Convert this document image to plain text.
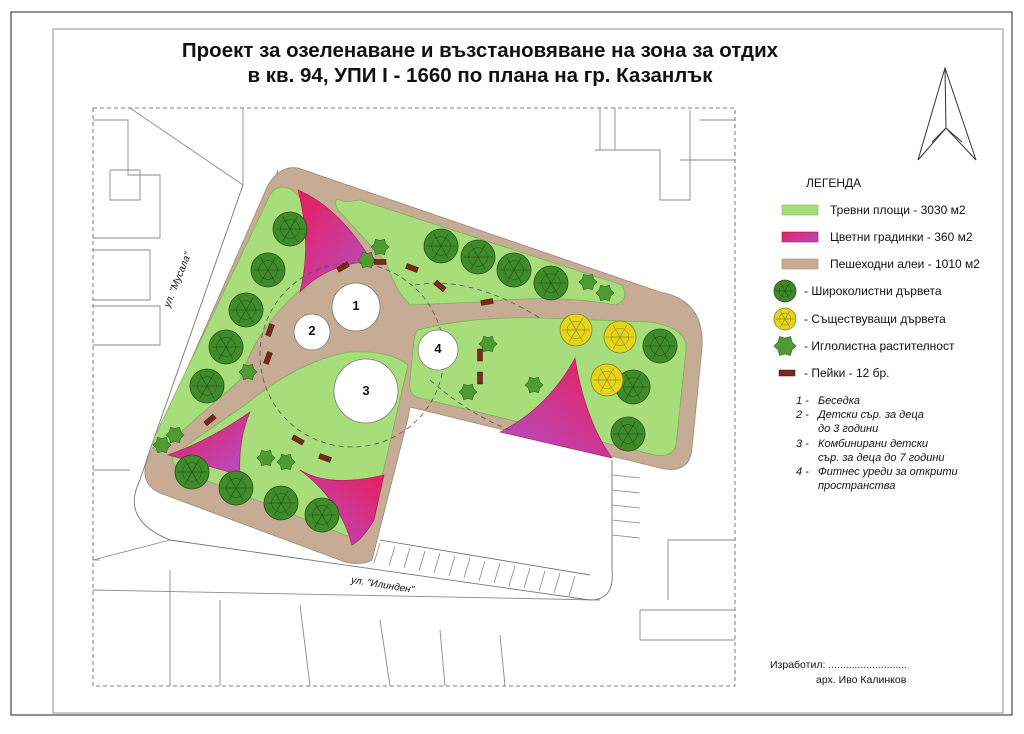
Проект за озеленаване и възстановяване на зона за отдих
в кв. 94, УПИ I - 1660 по плана на гр. Казанлък
ул. "Мусала"
ул. "Илинден"
1
2
3
4
ЛЕГЕНДА
Тревни площи - 3030 м2
Цветни градинки - 360 м2
Пешеходни алеи - 1010 м2
- Широколистни дървета
- Съществуващи дървета
- Иглолистна растителност
- Пейки - 12 бр.
1 - Беседка
2 - Детски сър. за деца
до 3 години
3 - Комбинирани детски
сър. за деца до 7 години
4 - Фитнес уреди за открити
пространства
Изработил: ...........................
арх. Иво Калинков
